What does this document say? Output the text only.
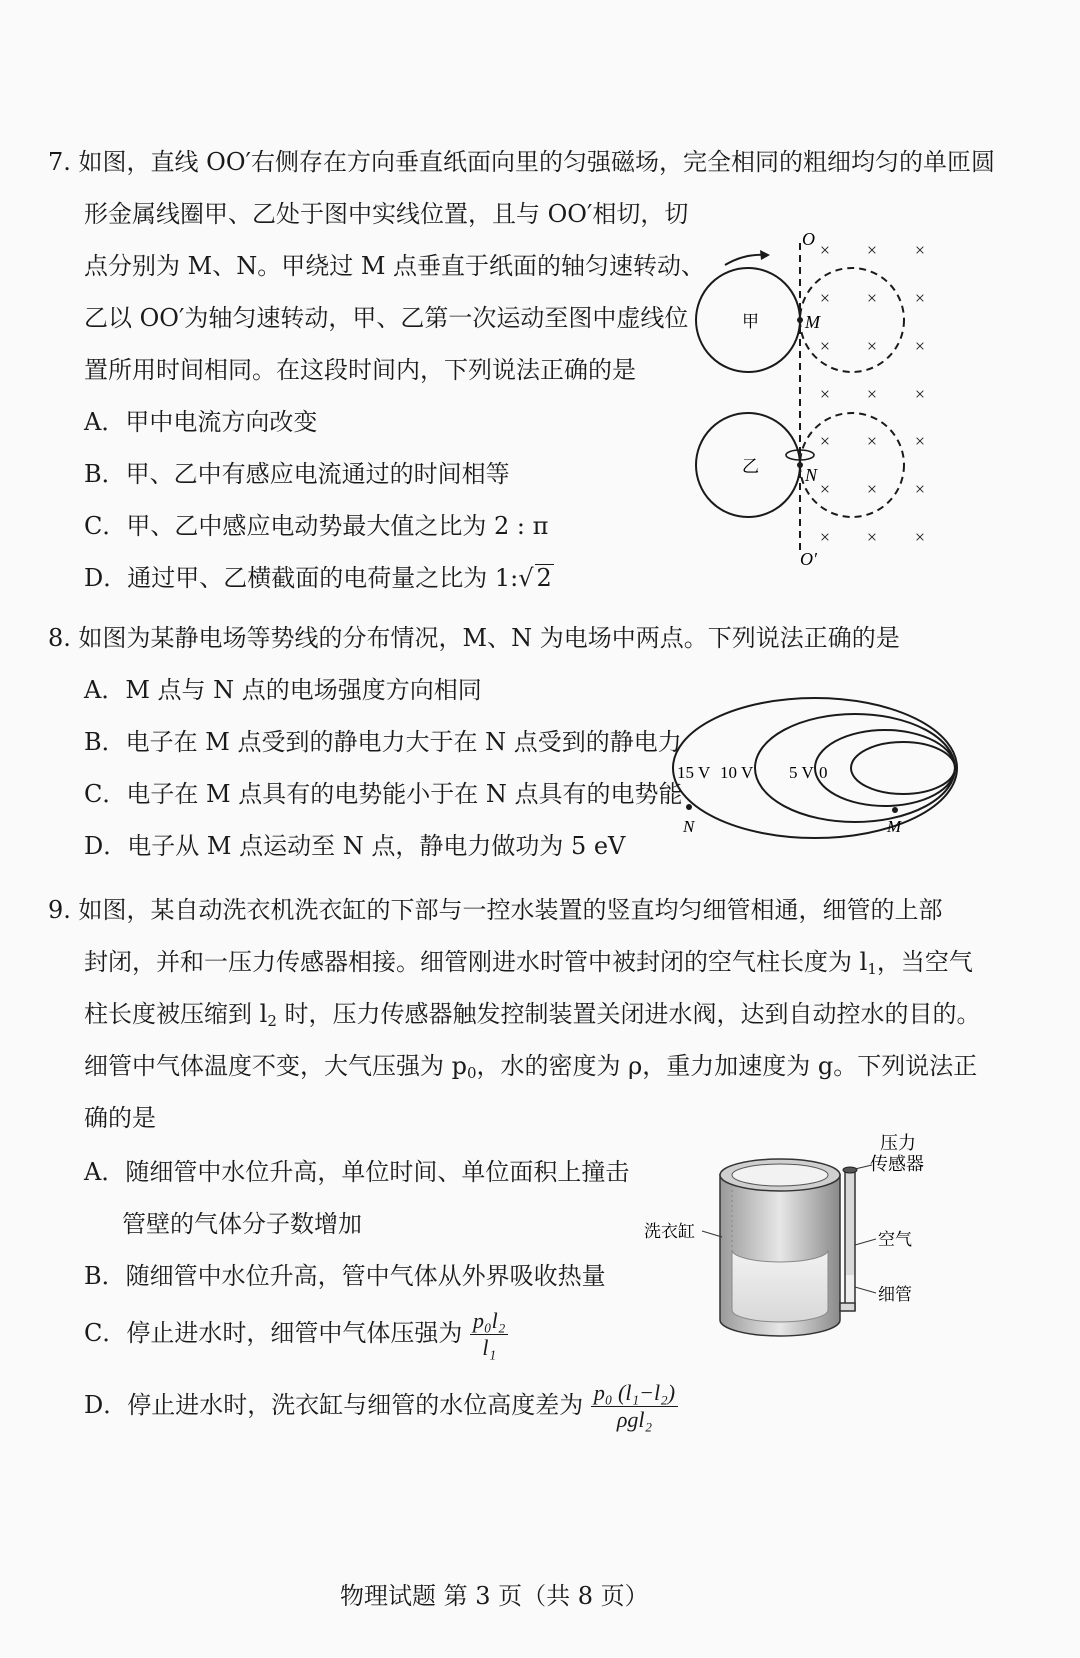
7. 如图，直线 OO′右侧存在方向垂直纸面向里的匀强磁场，完全相同的粗细均匀的单匝圆
形金属线圈甲、乙处于图中实线位置，且与 OO′相切，切
点分别为 M、N。甲绕过 M 点垂直于纸面的轴匀速转动、
乙以 OO′为轴匀速转动，甲、乙第一次运动至图中虚线位
置所用时间相同。在这段时间内，下列说法正确的是
A．甲中电流方向改变
B．甲、乙中有感应电流通过的时间相等
C．甲、乙中感应电动势最大值之比为 2 : π
D．通过甲、乙横截面的电荷量之比为 1:√ 2
× × ×
× × ×
× × ×
× × ×
× × ×
× × ×
× × ×
甲
乙
M
N
O
O′
8. 如图为某静电场等势线的分布情况，M、N 为电场中两点。下列说法正确的是
A．M 点与 N 点的电场强度方向相同
B．电子在 M 点受到的静电力大于在 N 点受到的静电力
C．电子在 M 点具有的电势能小于在 N 点具有的电势能
D．电子从 M 点运动至 N 点，静电力做功为 5 eV
15 V 10 V 5 V 0
N	M
9. 如图，某自动洗衣机洗衣缸的下部与一控水装置的竖直均匀细管相通，细管的上部
封闭，并和一压力传感器相接。细管刚进水时管中被封闭的空气柱长度为 $l_1$，当空气
柱长度被压缩到 $l_2$ 时，压力传感器触发控制装置关闭进水阀，达到自动控水的目的。
细管中气体温度不变，大气压强为 $p_0$，水的密度为 ρ，重力加速度为 g。下列说法正
确的是
A．随细管中水位升高，单位时间、单位面积上撞击
管壁的气体分子数增加
B．随细管中水位升高，管中气体从外界吸收热量
C．停止进水时，细管中气体压强为 $\frac{\text{p₀l₂}}{\text{l₁}}$
D．停止进水时，洗衣缸与细管的水位高度差为 $\frac{\text{p₀ (l₁−l₂)}}{\text{ρgl₂}}$
压力
传感器
洗衣缸	空气
细管
物理试题 第 3 页（共 8 页）
